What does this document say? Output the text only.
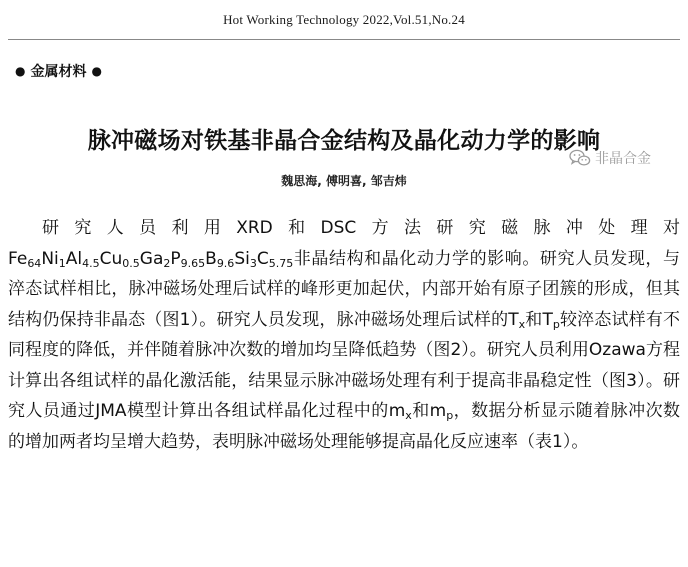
Hot Working Technology 2022,Vol.51,No.24
● 金属材料 ●
脉冲磁场对铁基非晶合金结构及晶化动力学的影响
魏思海, 傅明喜, 邹吉炜
非晶合金

研究人员利用XRD和DSC方法研究磁脉冲处理对$Fe_{64}Ni_1Al_{4.5}Cu_{0.5}Ga_2P_{9.65}B_{9.6}Si_3C_{5.75}$非晶结构和晶化动力学的影响。研究人员发现，与淬态试样相比，脉冲磁场处理后试样的峰形更加起伏，内部开始有原子团簇的形成，但其结构仍保持非晶态（图1）。研究人员发现，脉冲磁场处理后试样的$T_x$和$T_p$较淬态试样有不同程度的降低，并伴随着脉冲次数的增加均呈降低趋势（图2）。研究人员利用Ozawa方程计算出各组试样的晶化激活能，结果显示脉冲磁场处理有利于提高非晶稳定性（图3）。研究人员通过JMA模型计算出各组试样晶化过程中的$m_x$和$m_p$，数据分析显示随着脉冲次数的增加两者均呈增大趋势，表明脉冲磁场处理能够提高晶化反应速率（表1）。
